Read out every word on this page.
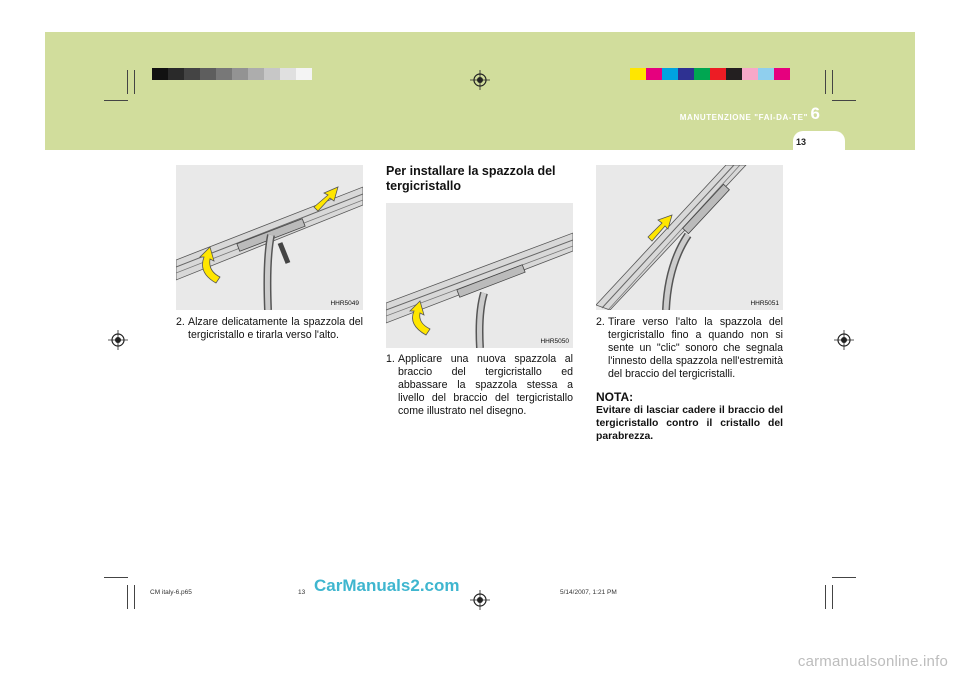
MANUTENZIONE "FAI-DA-TE" 6
13
HHR5049
HHR5050
HHR5051
2. Alzare delicatamente la spazzola del tergicristallo e tirarla verso l'alto.
Per installare la spazzola del tergicristallo
1. Applicare una nuova spazzola al braccio del tergicristallo ed abbassare la spazzola stessa a livello del braccio del tergicristallo come illustrato nel disegno.
2. Tirare verso l'alto la spazzola del tergicristallo fino a quando non si sente un "clic" sonoro che segnala l'innesto della spazzola nell'estremità del braccio del tergicristalli.
NOTA:
Evitare di lasciar cadere il braccio del tergicristallo contro il cristallo del parabrezza.
CM italy-6.p65	13	5/14/2007, 1:21 PM
CarManuals2.com
carmanualsonline.info
